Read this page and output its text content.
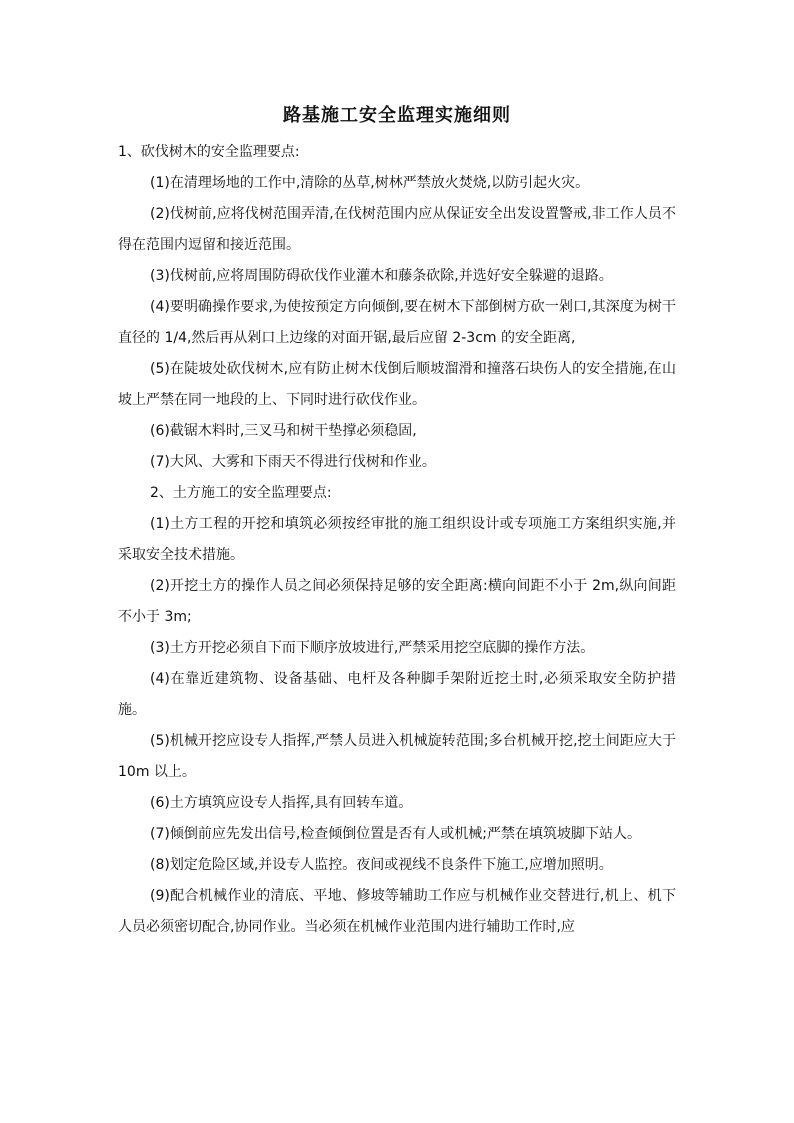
路基施工安全监理实施细则

1、砍伐树木的安全监理要点:

(1)在清理场地的工作中,清除的丛草,树林严禁放火焚烧,以防引起火灾。

(2)伐树前,应将伐树范围弄清,在伐树范围内应从保证安全出发设置警戒,非工作人员不得在范围内逗留和接近范围。

(3)伐树前,应将周围防碍砍伐作业灌木和藤条砍除,并选好安全躲避的退路。

(4)要明确操作要求,为使按预定方向倾倒,要在树木下部倒树方砍一剁口,其深度为树干直径的 1/4,然后再从剁口上边缘的对面开锯,最后应留 2-3cm 的安全距离,

(5)在陡坡处砍伐树木,应有防止树木伐倒后顺坡溜滑和撞落石块伤人的安全措施,在山坡上严禁在同一地段的上、下同时进行砍伐作业。

(6)截锯木料时,三叉马和树干垫撑必须稳固,

(7)大风、大雾和下雨天不得进行伐树和作业。

2、土方施工的安全监理要点:

(1)土方工程的开挖和填筑必须按经审批的施工组织设计或专项施工方案组织实施,并采取安全技术措施。

(2)开挖土方的操作人员之间必须保持足够的安全距离:横向间距不小于 2m,纵向间距不小于 3m;

(3)土方开挖必须自下而下顺序放坡进行,严禁采用挖空底脚的操作方法。

(4)在靠近建筑物、设备基础、电杆及各种脚手架附近挖土时,必须采取安全防护措施。

(5)机械开挖应设专人指挥,严禁人员进入机械旋转范围;多台机械开挖,挖土间距应大于 10m 以上。

(6)土方填筑应设专人指挥,具有回转车道。

(7)倾倒前应先发出信号,检查倾倒位置是否有人或机械;严禁在填筑坡脚下站人。

(8)划定危险区域,并设专人监控。夜间或视线不良条件下施工,应增加照明。

(9)配合机械作业的清底、平地、修坡等辅助工作应与机械作业交替进行,机上、机下人员必须密切配合,协同作业。当必须在机械作业范围内进行辅助工作时,应
